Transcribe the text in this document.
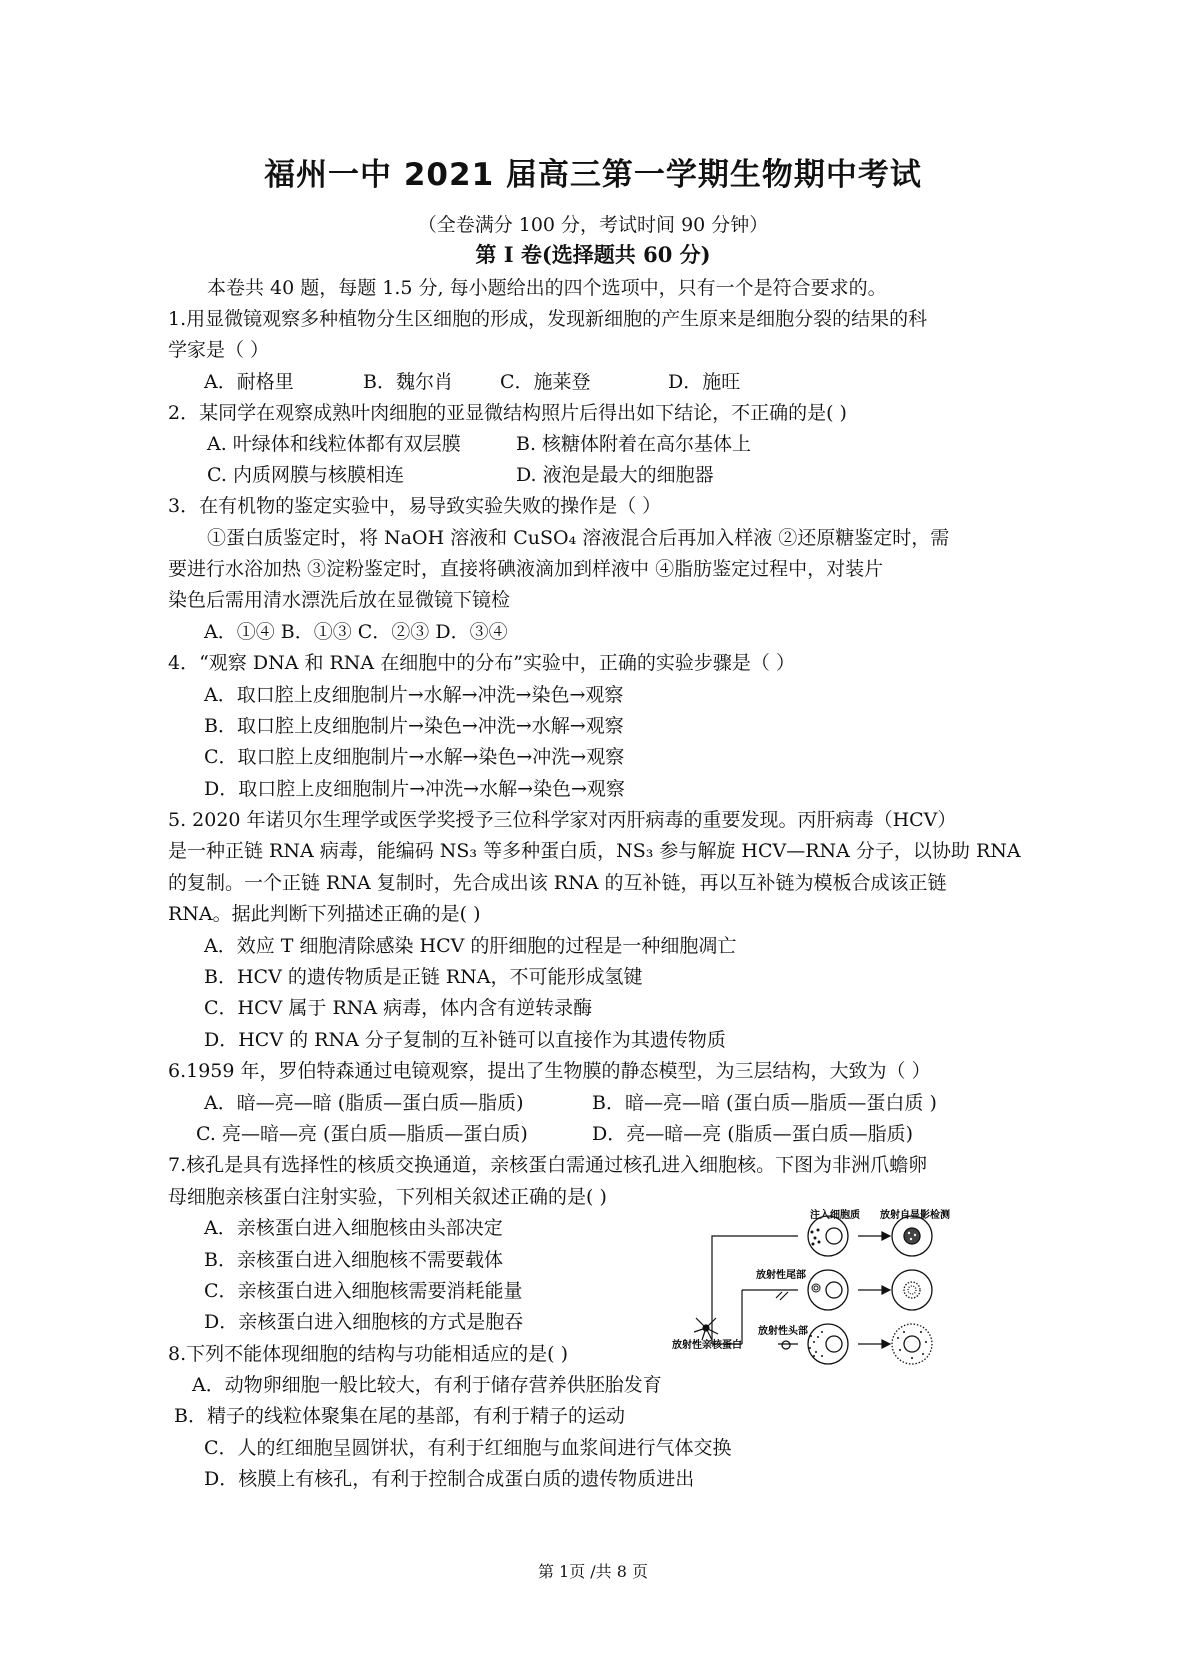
福州一中 2021 届高三第一学期生物期中考试
（全卷满分 100 分，考试时间 90 分钟）
第 I 卷(选择题共 60 分)
本卷共 40 题，每题 1.5 分, 每小题给出的四个选项中，只有一个是符合要求的。
1.用显微镜观察多种植物分生区细胞的形成，发现新细胞的产生原来是细胞分裂的结果的科
学家是（ ）
A．耐格里	B．魏尔肖 C．施莱登	D．施旺
2．某同学在观察成熟叶肉细胞的亚显微结构照片后得出如下结论，不正确的是( )
A. 叶绿体和线粒体都有双层膜	B. 核糖体附着在高尔基体上
C. 内质网膜与核膜相连	D. 液泡是最大的细胞器
3．在有机物的鉴定实验中，易导致实验失败的操作是（ ）
①蛋白质鉴定时，将 NaOH 溶液和 CuSO₄ 溶液混合后再加入样液 ②还原糖鉴定时，需
要进行水浴加热 ③淀粉鉴定时，直接将碘液滴加到样液中 ④脂肪鉴定过程中，对装片
染色后需用清水漂洗后放在显微镜下镜检
A．①④ B．①③ C．②③ D．③④
4．“观察 DNA 和 RNA 在细胞中的分布”实验中，正确的实验步骤是（ ）
A．取口腔上皮细胞制片→水解→冲洗→染色→观察
B．取口腔上皮细胞制片→染色→冲洗→水解→观察
C．取口腔上皮细胞制片→水解→染色→冲洗→观察
D．取口腔上皮细胞制片→冲洗→水解→染色→观察
5. 2020 年诺贝尔生理学或医学奖授予三位科学家对丙肝病毒的重要发现。丙肝病毒（HCV）
是一种正链 RNA 病毒，能编码 NS₃ 等多种蛋白质，NS₃ 参与解旋 HCV—RNA 分子，以协助 RNA
的复制。一个正链 RNA 复制时，先合成出该 RNA 的互补链，再以互补链为模板合成该正链
RNA。据此判断下列描述正确的是( )
A．效应 T 细胞清除感染 HCV 的肝细胞的过程是一种细胞凋亡
B．HCV 的遗传物质是正链 RNA，不可能形成氢键
C．HCV 属于 RNA 病毒，体内含有逆转录酶
D．HCV 的 RNA 分子复制的互补链可以直接作为其遗传物质
6.1959 年，罗伯特森通过电镜观察，提出了生物膜的静态模型，为三层结构，大致为（ ）
A．暗—亮—暗 (脂质—蛋白质—脂质)	B．暗—亮—暗 (蛋白质—脂质—蛋白质 )
C. 亮—暗—亮 (蛋白质—脂质—蛋白质)	D．亮—暗—亮 (脂质—蛋白质—脂质)
7.核孔是具有选择性的核质交换通道，亲核蛋白需通过核孔进入细胞核。下图为非洲爪蟾卵
母细胞亲核蛋白注射实验，下列相关叙述正确的是( )
A．亲核蛋白进入细胞核由头部决定
B．亲核蛋白进入细胞核不需要载体
C．亲核蛋白进入细胞核需要消耗能量
D．亲核蛋白进入细胞核的方式是胞吞
注入细胞质 放射自显影检测
放射性尾部
放射性头部
放射性亲核蛋白
8.下列不能体现细胞的结构与功能相适应的是( )
A．动物卵细胞一般比较大，有利于储存营养供胚胎发育
B．精子的线粒体聚集在尾的基部，有利于精子的运动
C．人的红细胞呈圆饼状，有利于红细胞与血浆间进行气体交换
D．核膜上有核孔，有利于控制合成蛋白质的遗传物质进出
第 1页 /共 8 页
